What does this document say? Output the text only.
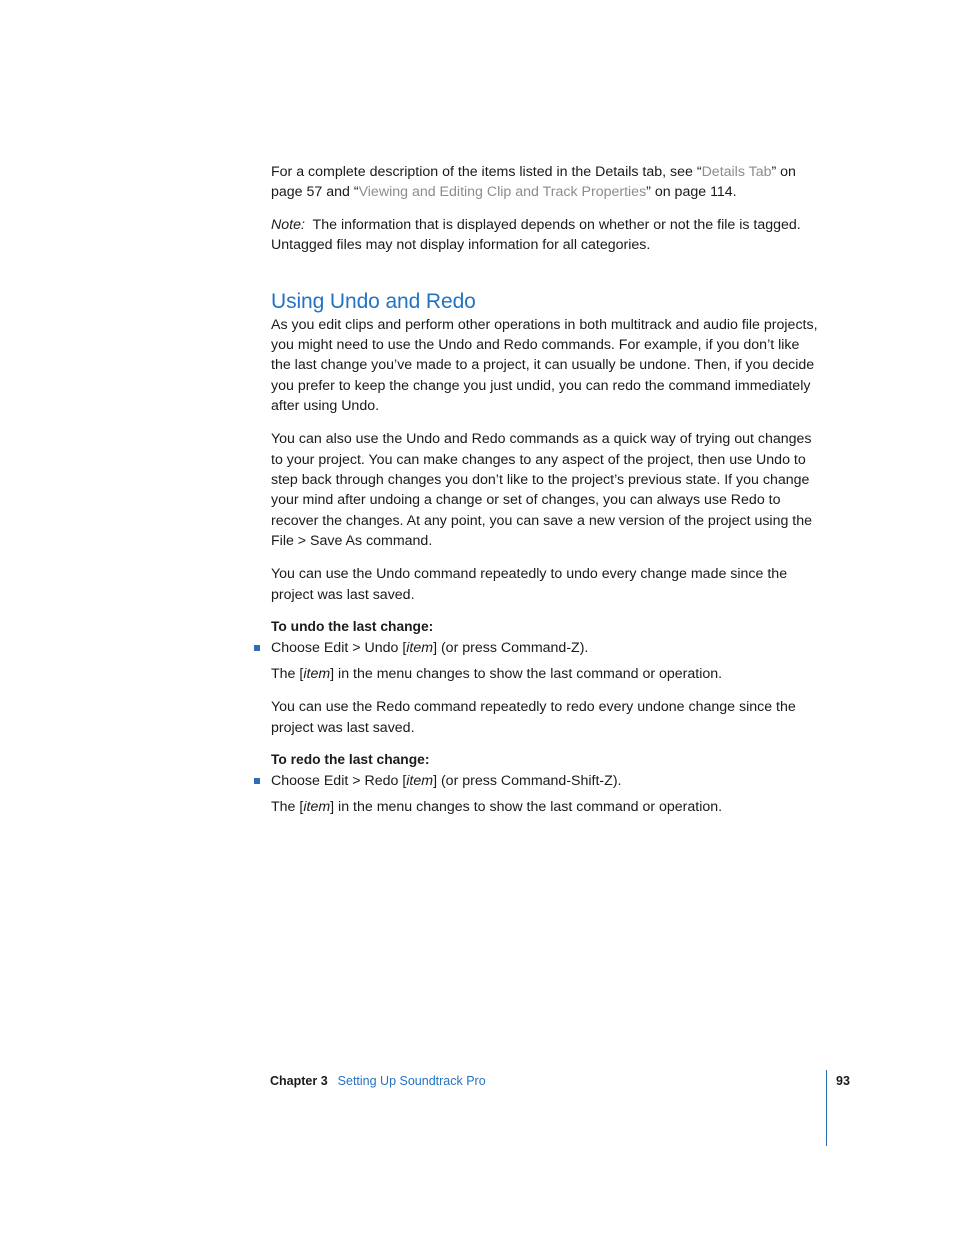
For a complete description of the items listed in the Details tab, see “Details Tab” on page 57 and “Viewing and Editing Clip and Track Properties” on page 114.

Note:  The information that is displayed depends on whether or not the file is tagged. Untagged files may not display information for all categories.

Using Undo and Redo

As you edit clips and perform other operations in both multitrack and audio file projects, you might need to use the Undo and Redo commands. For example, if you don’t like the last change you’ve made to a project, it can usually be undone. Then, if you decide you prefer to keep the change you just undid, you can redo the command immediately after using Undo.

You can also use the Undo and Redo commands as a quick way of trying out changes to your project. You can make changes to any aspect of the project, then use Undo to step back through changes you don’t like to the project’s previous state. If you change your mind after undoing a change or set of changes, you can always use Redo to recover the changes. At any point, you can save a new version of the project using the File > Save As command.

You can use the Undo command repeatedly to undo every change made since the project was last saved.

To undo the last change:

Choose Edit > Undo [item] (or press Command-Z).

The [item] in the menu changes to show the last command or operation.

You can use the Redo command repeatedly to redo every undone change since the project was last saved.

To redo the last change:

Choose Edit > Redo [item] (or press Command-Shift-Z).

The [item] in the menu changes to show the last command or operation.

Chapter 3 Setting Up Soundtrack Pro	93
